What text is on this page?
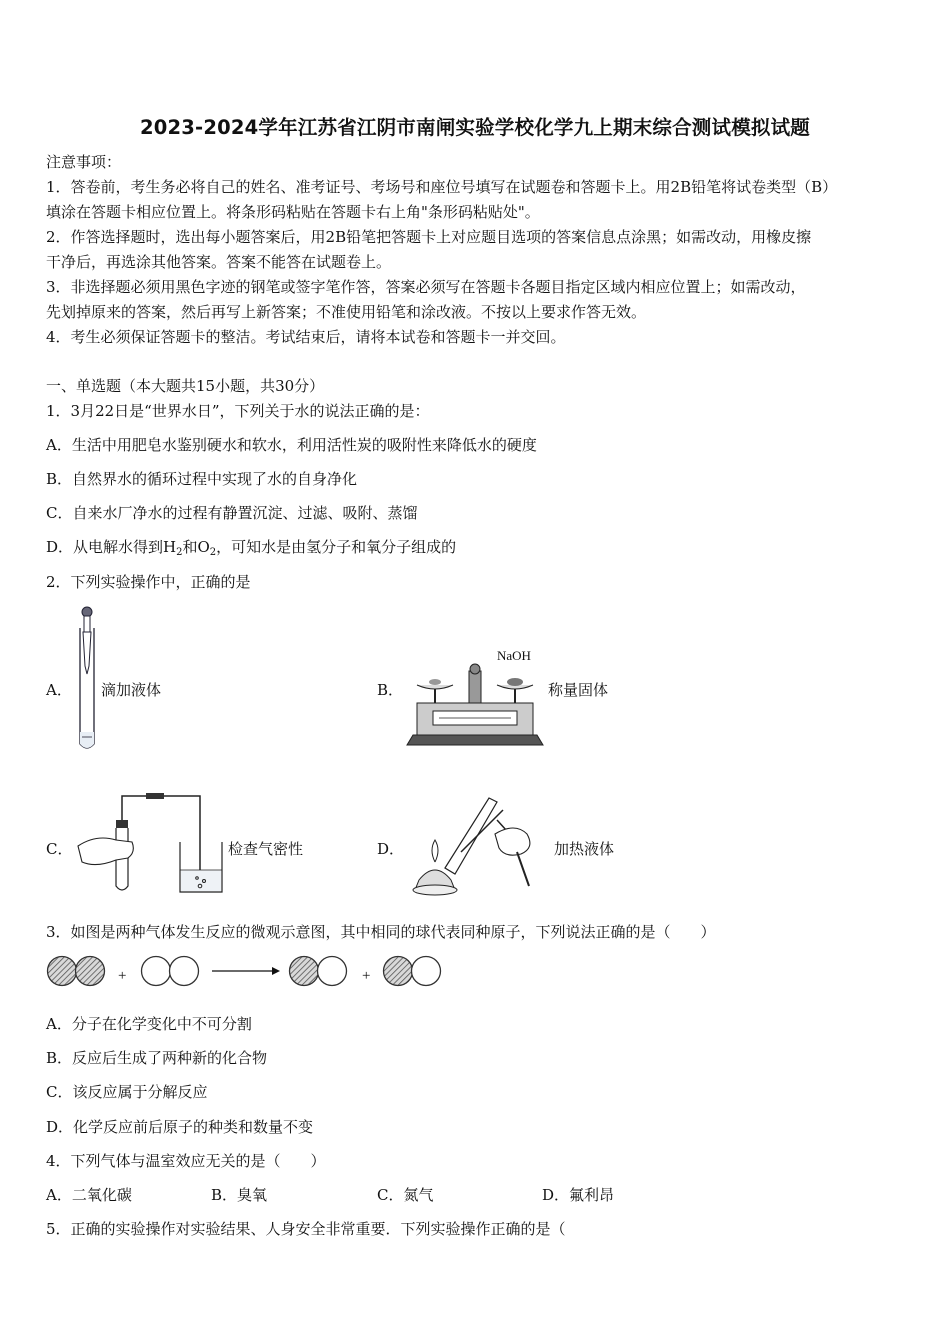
2023-2024学年江苏省江阴市南闸实验学校化学九上期末综合测试模拟试题
注意事项：
1．答卷前，考生务必将自己的姓名、准考证号、考场号和座位号填写在试题卷和答题卡上。用2B铅笔将试卷类型（B）
填涂在答题卡相应位置上。将条形码粘贴在答题卡右上角"条形码粘贴处"。
2．作答选择题时，选出每小题答案后，用2B铅笔把答题卡上对应题目选项的答案信息点涂黑；如需改动，用橡皮擦
干净后，再选涂其他答案。答案不能答在试题卷上。
3．非选择题必须用黑色字迹的钢笔或签字笔作答，答案必须写在答题卡各题目指定区域内相应位置上；如需改动，
先划掉原来的答案，然后再写上新答案；不准使用铅笔和涂改液。不按以上要求作答无效。
4．考生必须保证答题卡的整洁。考试结束后，请将本试卷和答题卡一并交回。
一、单选题（本大题共15小题，共30分）
1．3月22日是“世界水日”，下列关于水的说法正确的是：
A．生活中用肥皂水鉴别硬水和软水，利用活性炭的吸附性来降低水的硬度
B．自然界水的循环过程中实现了水的自身净化
C．自来水厂净水的过程有静置沉淀、过滤、吸附、蒸馏
D．从电解水得到$H_2$和$O_2$，可知水是由氢分子和氧分子组成的
2．下列实验操作中，正确的是
A． 滴加液体	B．
NaOH
称量固体
C．	检查气密性	D．	加热液体
3．如图是两种气体发生反应的微观示意图，其中相同的球代表同种原子，下列说法正确的是（　　）
+	+
A．分子在化学变化中不可分割
B．反应后生成了两种新的化合物
C．该反应属于分解反应
D．化学反应前后原子的种类和数量不变
4．下列气体与温室效应无关的是（　　）
A．二氧化碳	B．臭氧	C．氮气	D．氟利昂
5．正确的实验操作对实验结果、人身安全非常重要．下列实验操作正确的是（
